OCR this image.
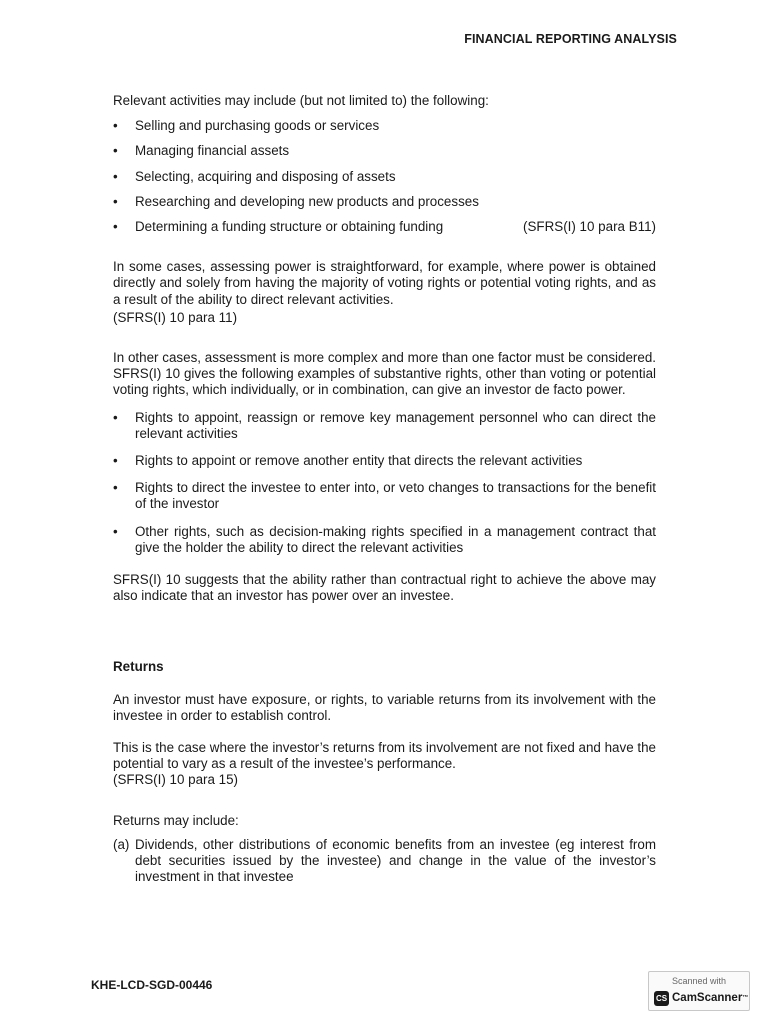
FINANCIAL REPORTING ANALYSIS

Relevant activities may include (but not limited to) the following:

• Selling and purchasing goods or services
• Managing financial assets
• Selecting, acquiring and disposing of assets
• Researching and developing new products and processes
• Determining a funding structure or obtaining funding	(SFRS(I) 10 para B11)

In some cases, assessing power is straightforward, for example, where power is obtained directly and solely from having the majority of voting rights or potential voting rights, and as a result of the ability to direct relevant activities.

(SFRS(I) 10 para 11)

In other cases, assessment is more complex and more than one factor must be considered. SFRS(I) 10 gives the following examples of substantive rights, other than voting or potential voting rights, which individually, or in combination, can give an investor de facto power.

• Rights to appoint, reassign or remove key management personnel who can direct the relevant activities
• Rights to appoint or remove another entity that directs the relevant activities
• Rights to direct the investee to enter into, or veto changes to transactions for the benefit of the investor
• Other rights, such as decision-making rights specified in a management contract that give the holder the ability to direct the relevant activities

SFRS(I) 10 suggests that the ability rather than contractual right to achieve the above may also indicate that an investor has power over an investee.

Returns

An investor must have exposure, or rights, to variable returns from its involvement with the investee in order to establish control.

This is the case where the investor’s returns from its involvement are not fixed and have the potential to vary as a result of the investee’s performance.

(SFRS(I) 10 para 15)

Returns may include:

(a) Dividends, other distributions of economic benefits from an investee (eg interest from debt securities issued by the investee) and change in the value of the investor’s investment in that investee
KHE-LCD-SGD-00446	Scanned with
CS CamScanner™
